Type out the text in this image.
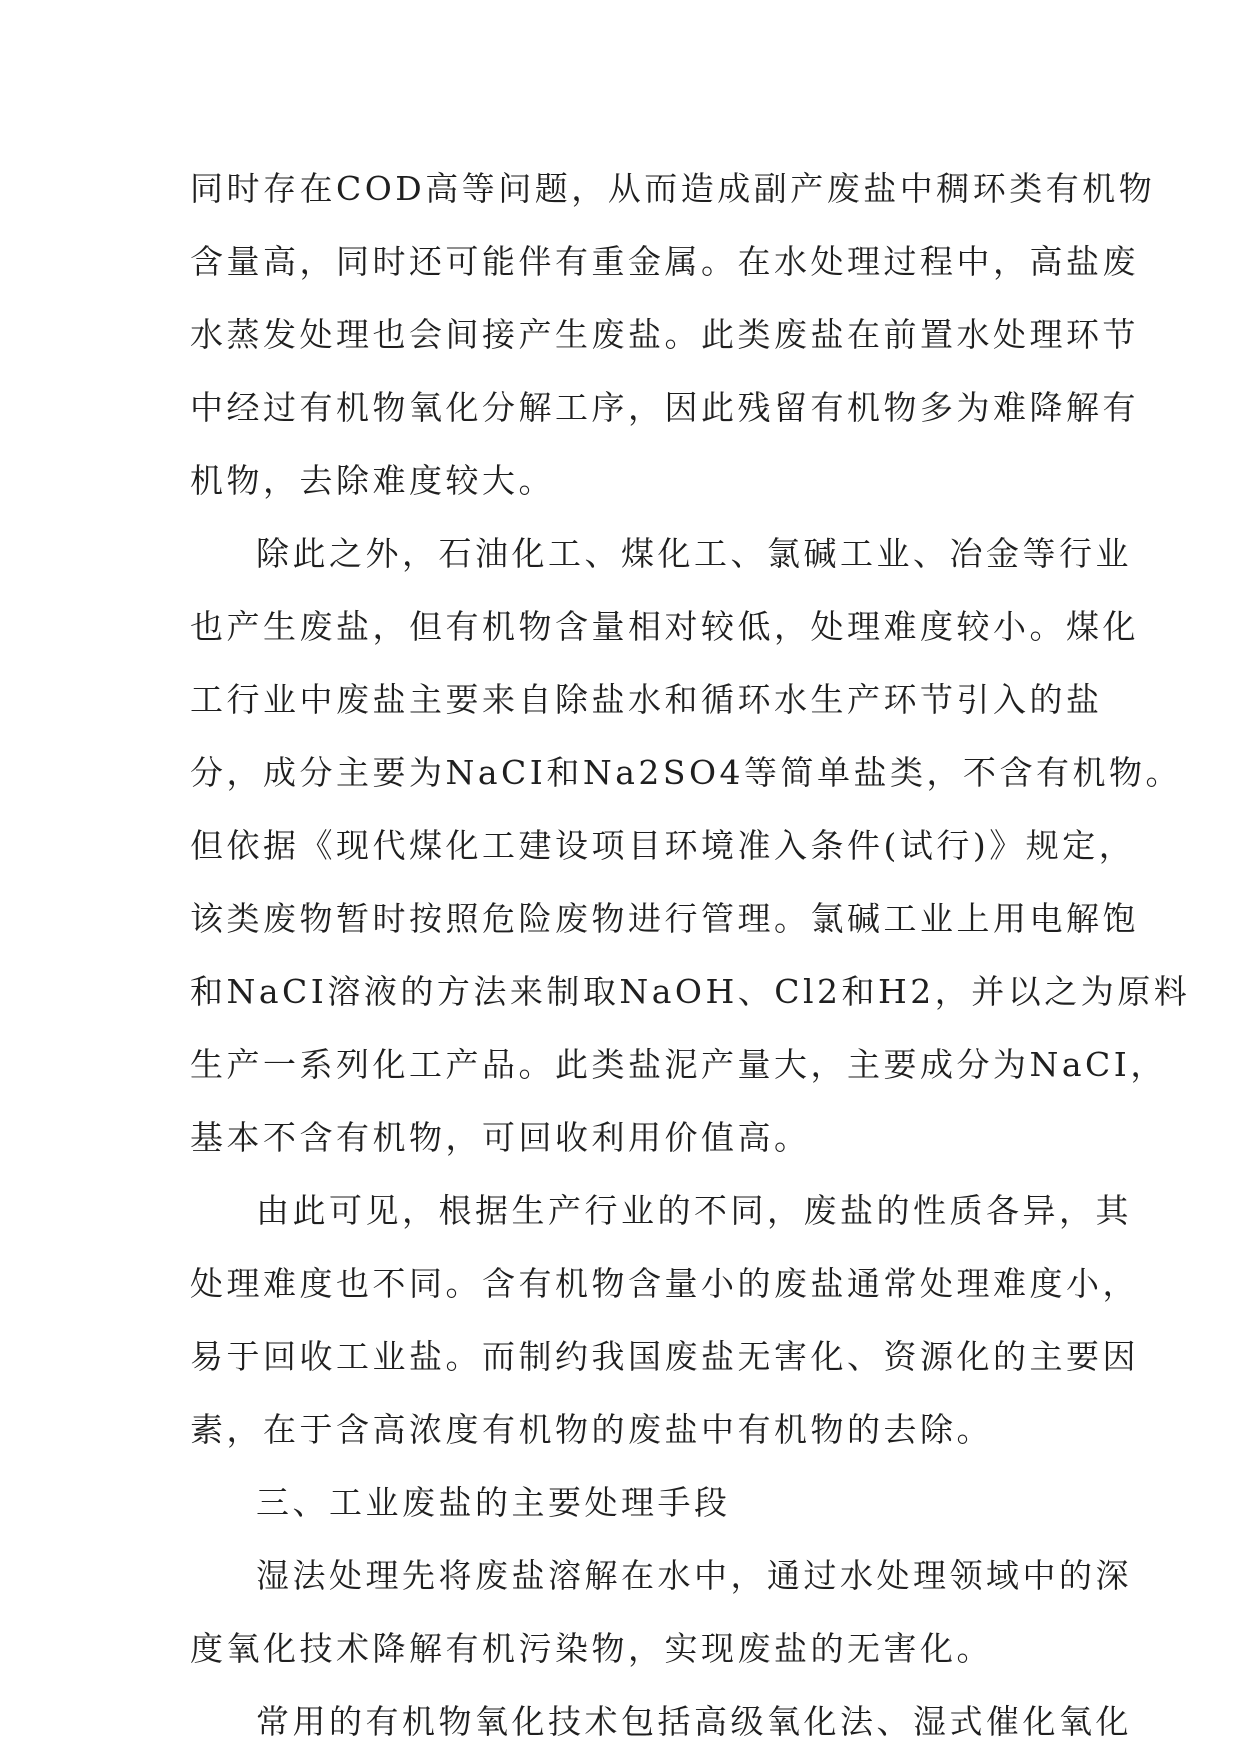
同时存在COD高等问题，从而造成副产废盐中稠环类有机物
含量高，同时还可能伴有重金属。在水处理过程中，高盐废
水蒸发处理也会间接产生废盐。此类废盐在前置水处理环节
中经过有机物氧化分解工序，因此残留有机物多为难降解有
机物，去除难度较大。
除此之外，石油化工、煤化工、氯碱工业、冶金等行业
也产生废盐，但有机物含量相对较低，处理难度较小。煤化
工行业中废盐主要来自除盐水和循环水生产环节引入的盐
分，成分主要为NaCI和Na2SO4等简单盐类，不含有机物。
但依据《现代煤化工建设项目环境准入条件(试行)》规定，
该类废物暂时按照危险废物进行管理。氯碱工业上用电解饱
和NaCI溶液的方法来制取NaOH、Cl2和H2，并以之为原料
生产一系列化工产品。此类盐泥产量大，主要成分为NaCI，
基本不含有机物，可回收利用价值高。
由此可见，根据生产行业的不同，废盐的性质各异，其
处理难度也不同。含有机物含量小的废盐通常处理难度小，
易于回收工业盐。而制约我国废盐无害化、资源化的主要因
素，在于含高浓度有机物的废盐中有机物的去除。
三、工业废盐的主要处理手段
湿法处理先将废盐溶解在水中，通过水处理领域中的深
度氧化技术降解有机污染物，实现废盐的无害化。
常用的有机物氧化技术包括高级氧化法、湿式催化氧化
